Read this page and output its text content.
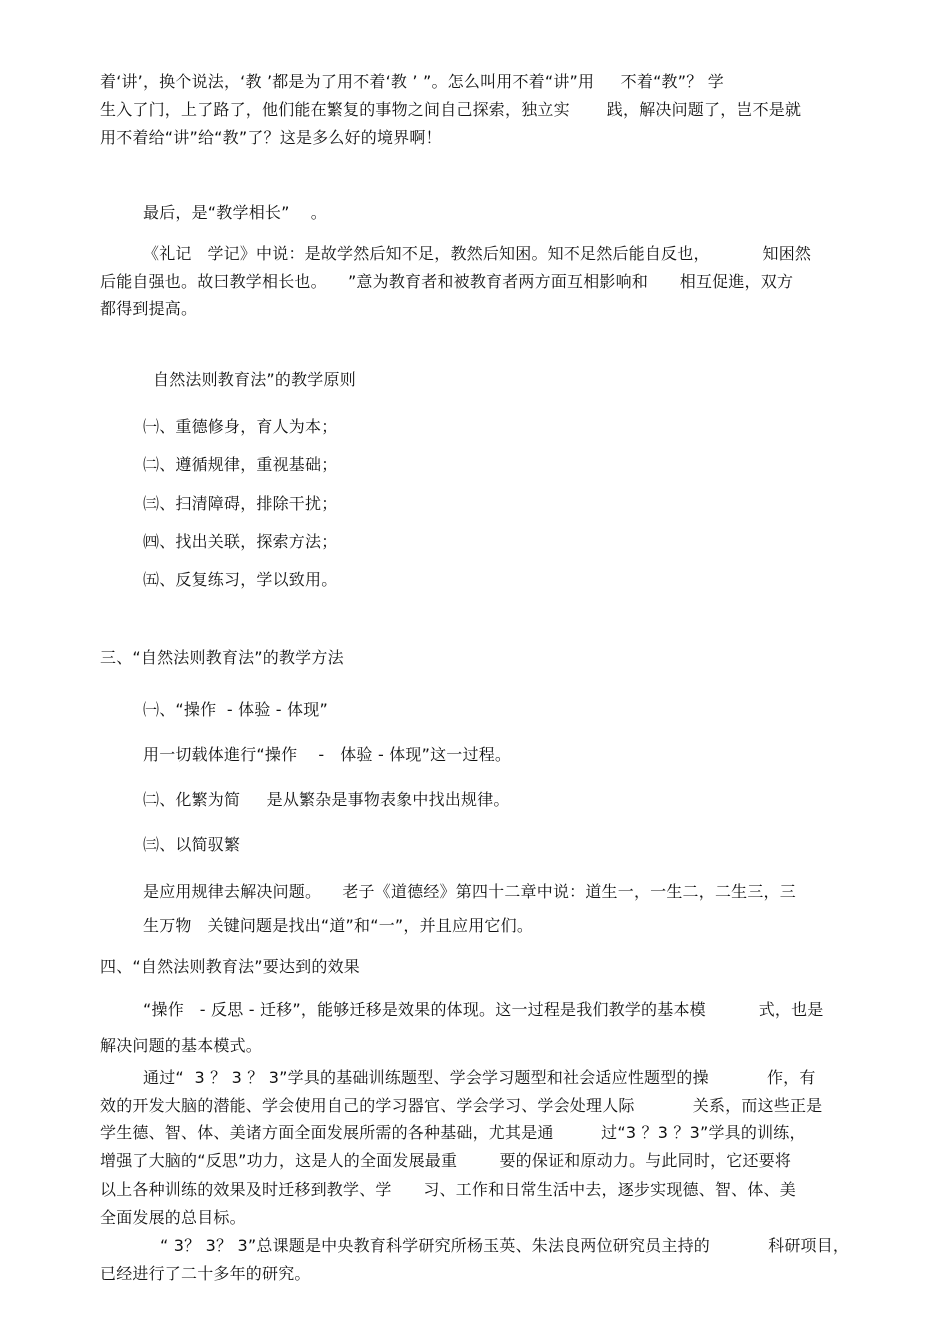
着‘讲’，换个说法，‘教 ’都是为了用不着‘教 ’ ”。怎么叫用不着“讲”用     不着“教”？ 学
生入了门，上了路了，他们能在繁复的事物之间自己探索，独立实       践，解决问题了，岂不是就
用不着给“讲”给“教”了？这是多么好的境界啊！
最后，是“教学相长”    。
《礼记   学记》中说：是故学然后知不足，教然后知困。知不足然后能自反也，          知困然
后能自强也。故曰教学相长也。    ”意为教育者和被教育者两方面互相影响和      相互促進，双方
都得到提高。
自然法则教育法”的教学原则
㈠、重德修身，育人为本；
㈡、遵循规律，重视基础；
㈢、扫清障碍，排除干扰；
㈣、找出关联，探索方法；
㈤、反复练习，学以致用。
三、“自然法则教育法”的教学方法
㈠、“操作  - 体验 - 体现”
用一切载体進行“操作    -   体验 - 体现”这一过程。
㈡、化繁为简     是从繁杂是事物表象中找出规律。
㈢、以简驭繁
是应用规律去解决问题。    老子《道德经》第四十二章中说：道生一，一生二，二生三，三
生万物   关键问题是找出“道”和“一”，并且应用它们。
四、“自然法则教育法”要达到的效果
“操作   - 反思 - 迁移”，能够迁移是效果的体现。这一过程是我们教学的基本模          式，也是
解决问题的基本模式。
通过“  3 ？ 3 ？ 3”学具的基础训练题型、学会学习题型和社会适应性题型的操           作，有
效的开发大脑的潜能、学会使用自己的学习器官、学会学习、学会处理人际           关系，而这些正是
学生德、智、体、美诸方面全面发展所需的各种基础，尤其是通         过“3 ？3 ？3”学具的训练，
增强了大脑的“反思”功力，这是人的全面发展最重        要的保证和原动力。与此同时，它还要将
以上各种训练的效果及时迁移到教学、学      习、工作和日常生活中去，逐步实现德、智、体、美
全面发展的总目标。
“ 3？ 3？ 3”总课题是中央教育科学研究所杨玉英、朱法良两位研究员主持的           科研项目，
已经进行了二十多年的研究。
